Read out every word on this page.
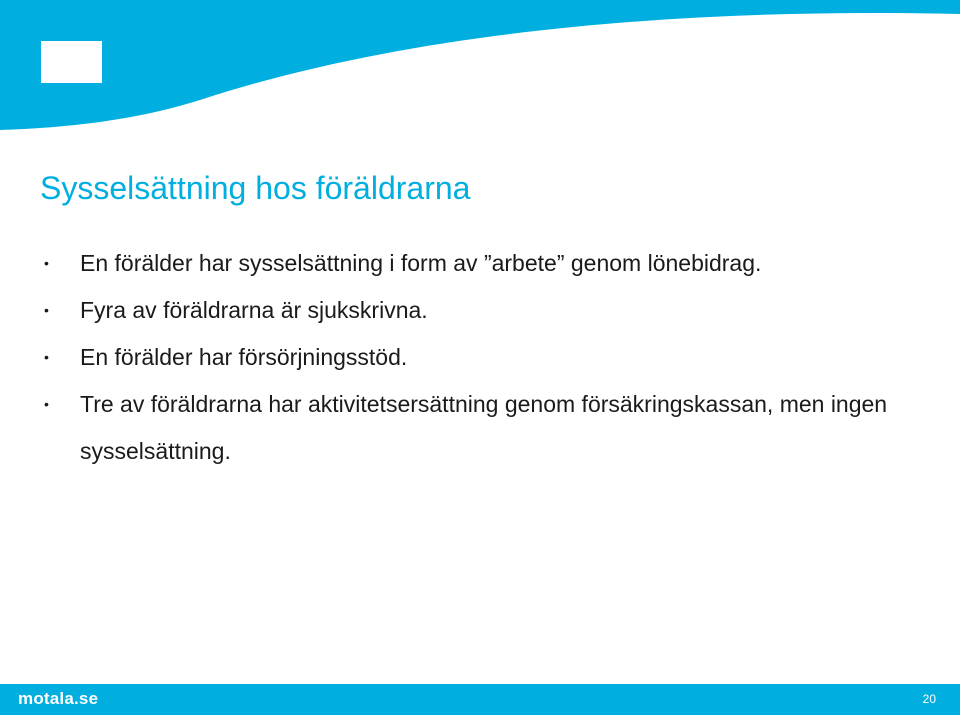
Sysselsättning hos föräldrarna
• En förälder har sysselsättning i form av ”arbete” genom lönebidrag.
• Fyra av föräldrarna är sjukskrivna.
• En förälder har försörjningsstöd.
• Tre av föräldrarna har aktivitetsersättning genom försäkringskassan, men ingen sysselsättning.
motala.se	20
